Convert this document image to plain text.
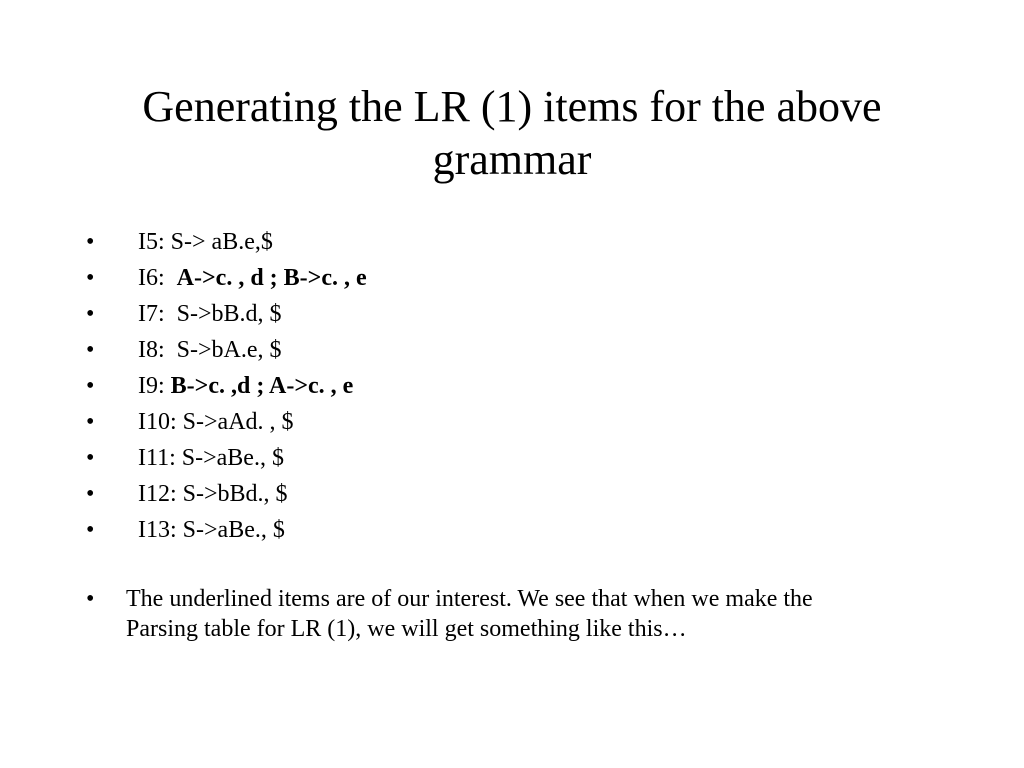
Generating the LR (1) items for the above grammar

•

	I5: S-> aB.e,$

•

	I6:  A->c. , d ; B->c. , e

•

	I7:  S->bB.d, $

•

	I8:  S->bA.e, $

•

	I9: B->c. ,d ; A->c. , e

•

	I10: S->aAd. , $

•

	I11: S->aBe., $

•

	I12: S->bBd., $

•

	I13: S->aBe., $

•	The underlined items are of our interest. We see that when we make the Parsing table for LR (1), we will get something like this…
